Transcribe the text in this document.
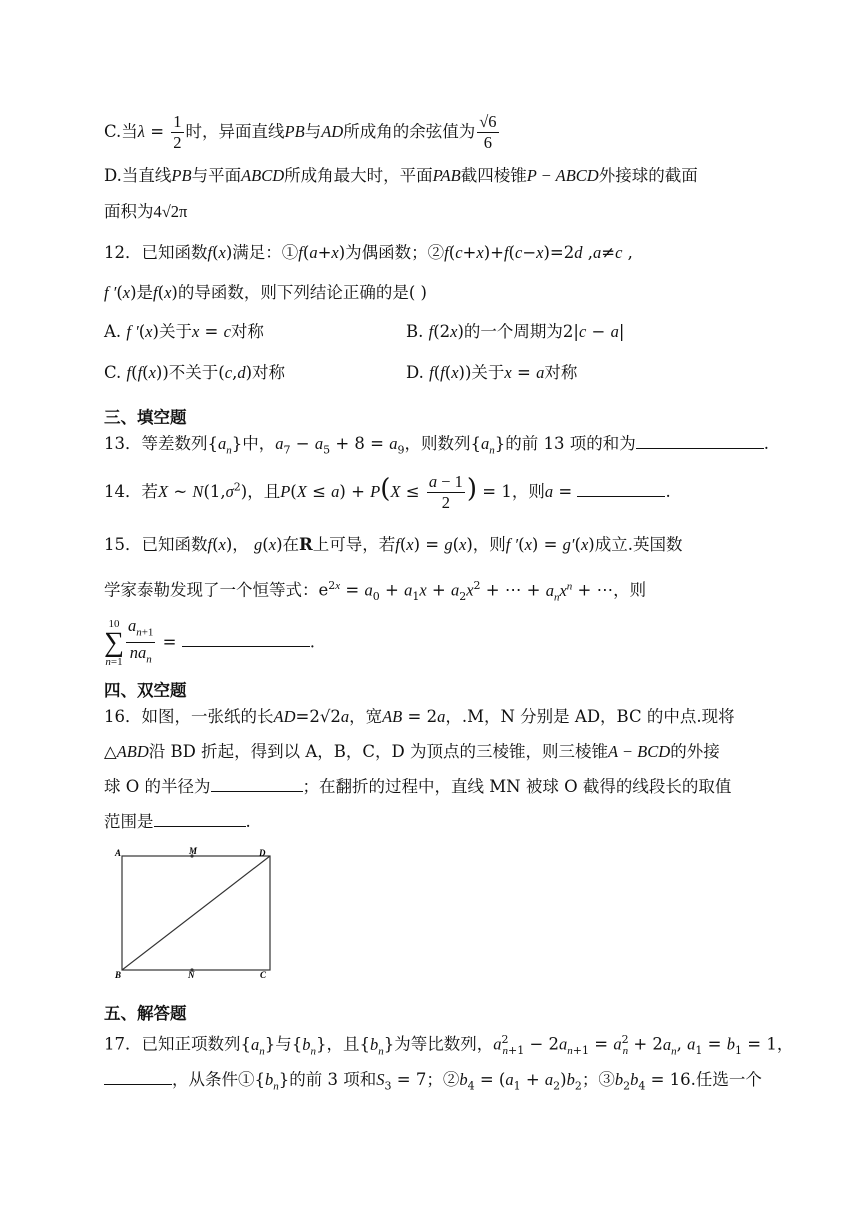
C.当$\lambda = \frac{1}{2}$ 时，异面直线PB与AD所成角的余弦值为 $\frac{√6}{6}$
D.当直线PB与平面ABCD所成角最大时，平面PAB截四棱锥P − ABCD外接球的截面
面积为4√2π
12．已知函数f(x)满足：①f(a+x)为偶函数；②f(c+x)+f(c−x)=2d ,a≠c ,
f ′(x)是f(x)的导函数，则下列结论正确的是( )
A. f ′(x)关于x = c对称	B. f(2x)的一个周期为2|c − a|
C. f(f(x))不关于(c,d)对称	D. f(f(x))关于x = a对称
三、填空题
13．等差数列$\{a_n\}$中，$a_7 - a_5 + 8 = a_9$，则数列$\{a_n\}$的前 13 项的和为	.
14．若X ~ $N(1,\sigma^2)$，且$P(X \le a) + P(X \le \frac{a - 1}{2}$ ) = 1，则a =	.
15．已知函数f(x)， g(x)在R上可导，若f(x) = g(x)，则f ′(x) = g′(x)成立.英国数
学家泰勒发现了一个恒等式：$e^{2x} = a_0 + a_1x + a_2x^2$ + ⋯ + $a_nx^n$ + ⋯，则
10
∑
$n=1 \frac{a_{n+1}}{na_n}$ =	.
四、双空题
16．如图，一张纸的长AD=2√2a，宽AB = 2a，.M，N 分别是 AD，BC 的中点.现将
△ABD沿 BD 折起，得到以 A，B，C，D 为顶点的三棱锥，则三棱锥A − BCD的外接
球 O 的半径为	；在翻折的过程中，直线 MN 被球 O 截得的线段长的取值
范围是	.
A	M	D
B	N	C
五、解答题
17．已知正项数列$\{a_n\}$与$\{b_n\}$，且$\{b_n\}$为等比数列，$a^2_{n+1} - 2a_{n+1} = a^2_n + 2a_n$, $a_1 = b_1 = 1$，
，从条件$①\{b_n\}$的前 3 项和$S_3 = 7$；$②b_4 = (a_1 + a_2)b_2$；$③b_2b_4 = 16$.任选一个
